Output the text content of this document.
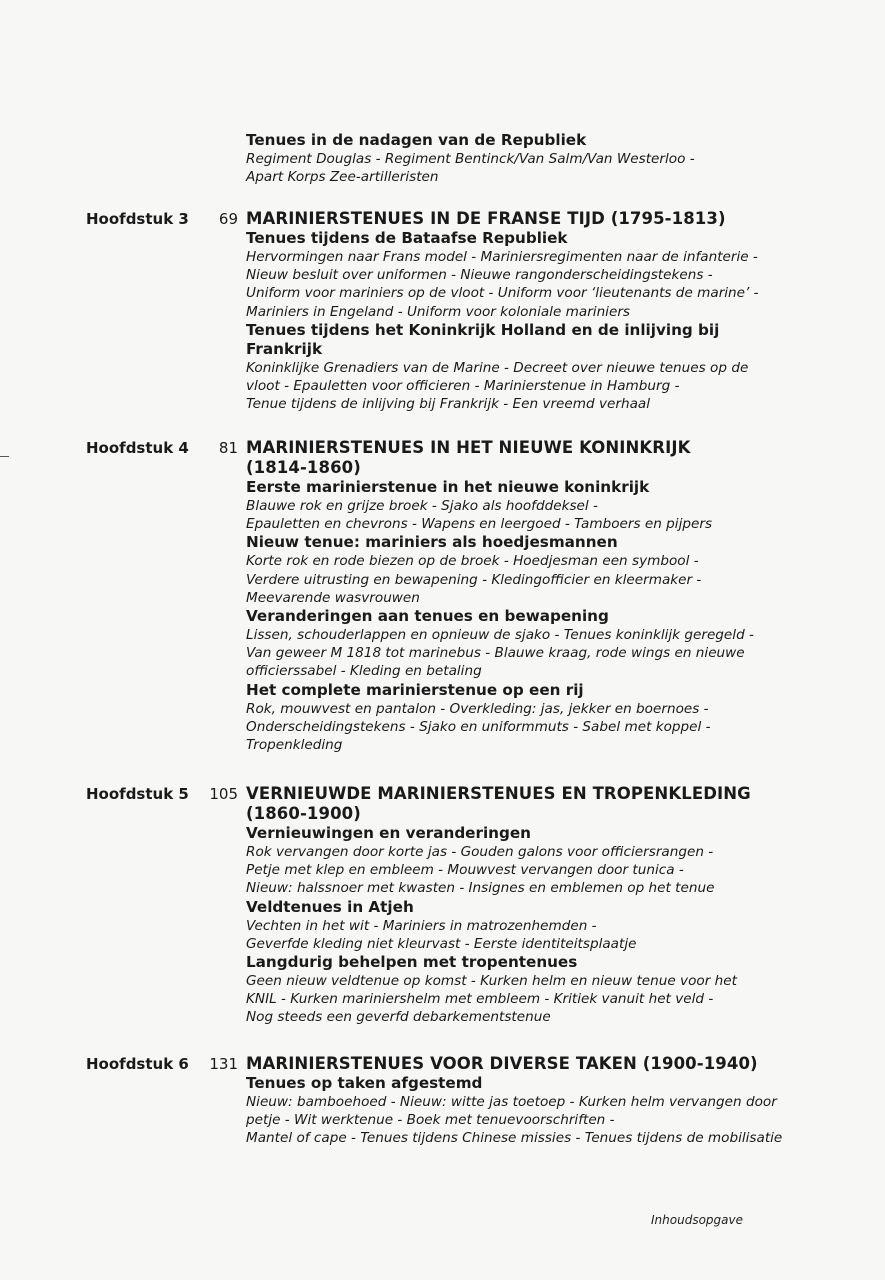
Tenues in de nadagen van de Republiek
Regiment Douglas - Regiment Bentinck/Van Salm/Van Westerloo -
Apart Korps Zee-artilleristen
Hoofdstuk 3	69 MARINIERSTENUES IN DE FRANSE TIJD (1795-1813)
Tenues tijdens de Bataafse Republiek
Hervormingen naar Frans model - Mariniersregimenten naar de infanterie -
Nieuw besluit over uniformen - Nieuwe rangonderscheidingstekens -
Uniform voor mariniers op de vloot - Uniform voor ‘lieutenants de marine’ -
Mariniers in Engeland - Uniform voor koloniale mariniers
Tenues tijdens het Koninkrijk Holland en de inlijving bij
Frankrijk
Koninklijke Grenadiers van de Marine - Decreet over nieuwe tenues op de
vloot - Epauletten voor officieren - Marinierstenue in Hamburg -
Tenue tijdens de inlijving bij Frankrijk - Een vreemd verhaal
Hoofdstuk 4	81 MARINIERSTENUES IN HET NIEUWE KONINKRIJK
(1814-1860)
Eerste marinierstenue in het nieuwe koninkrijk
Blauwe rok en grijze broek - Sjako als hoofddeksel -
Epauletten en chevrons - Wapens en leergoed - Tamboers en pijpers
Nieuw tenue: mariniers als hoedjesmannen
Korte rok en rode biezen op de broek - Hoedjesman een symbool -
Verdere uitrusting en bewapening - Kledingofficier en kleermaker -
Meevarende wasvrouwen
Veranderingen aan tenues en bewapening
Lissen, schouderlappen en opnieuw de sjako - Tenues koninklijk geregeld -
Van geweer M 1818 tot marinebus - Blauwe kraag, rode wings en nieuwe
officierssabel - Kleding en betaling
Het complete marinierstenue op een rij
Rok, mouwvest en pantalon - Overkleding: jas, jekker en boernoes -
Onderscheidingstekens - Sjako en uniformmuts - Sabel met koppel -
Tropenkleding
Hoofdstuk 5 105 VERNIEUWDE MARINIERSTENUES EN TROPENKLEDING
(1860-1900)
Vernieuwingen en veranderingen
Rok vervangen door korte jas - Gouden galons voor officiersrangen -
Petje met klep en embleem - Mouwvest vervangen door tunica -
Nieuw: halssnoer met kwasten - Insignes en emblemen op het tenue
Veldtenues in Atjeh
Vechten in het wit - Mariniers in matrozenhemden -
Geverfde kleding niet kleurvast - Eerste identiteitsplaatje
Langdurig behelpen met tropentenues
Geen nieuw veldtenue op komst - Kurken helm en nieuw tenue voor het
KNIL - Kurken mariniershelm met embleem - Kritiek vanuit het veld -
Nog steeds een geverfd debarkementstenue
Hoofdstuk 6 131 MARINIERSTENUES VOOR DIVERSE TAKEN (1900-1940)
Tenues op taken afgestemd
Nieuw: bamboehoed - Nieuw: witte jas toetoep - Kurken helm vervangen door
petje - Wit werktenue - Boek met tenuevoorschriften -
Mantel of cape - Tenues tijdens Chinese missies - Tenues tijdens de mobilisatie
Inhoudsopgave
